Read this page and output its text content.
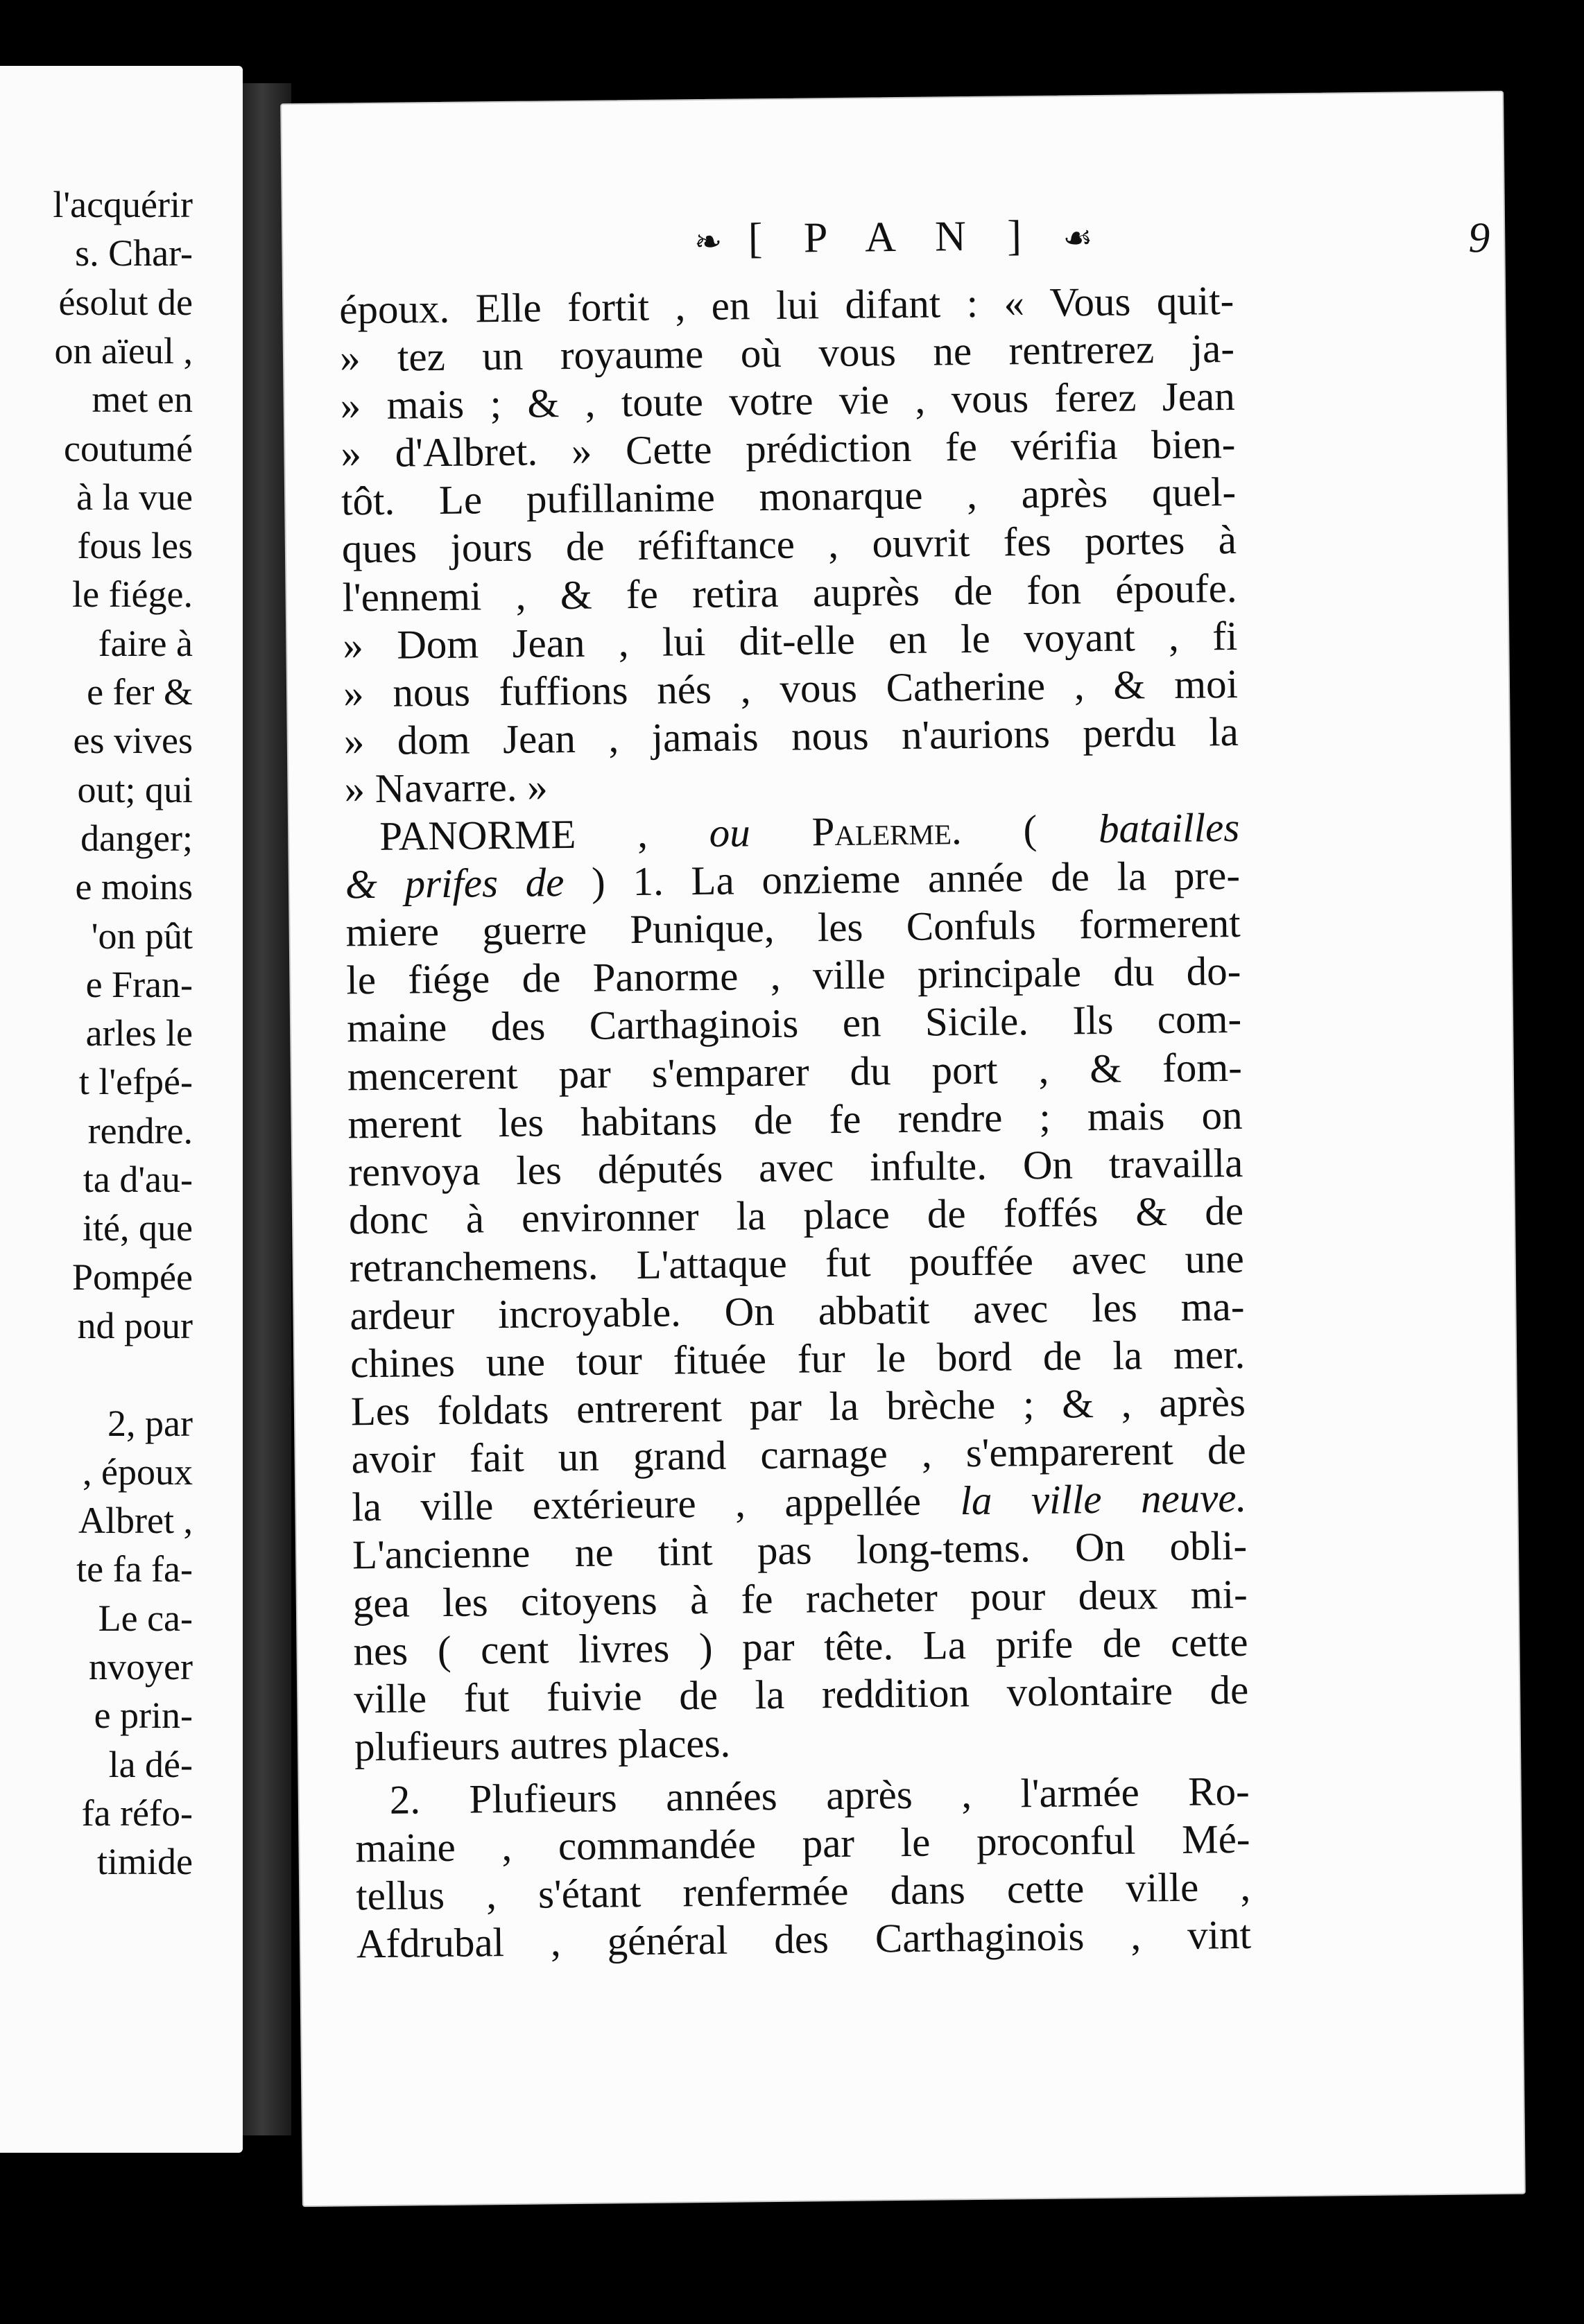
l'acquérir
s. Char-
ésolut de
on aïeul ,
met en
coutumé
à la vue
fous les
le fiége.
faire à
e fer &
es vives
out; qui
danger;
e moins
'on pût
e Fran-
arles le
t l'efpé-
rendre.
ta d'au-
ité, que
Pompée
nd pour
2, par
, époux
Albret ,
te fa fa-
Le ca-
nvoyer
e prin-
la dé-
fa réfo-
timide
❧ [ P A N ] ☙	9
époux. Elle fortit , en lui difant : « Vous quit-
» tez un royaume où vous ne rentrerez ja-
» mais ; & , toute votre vie , vous ferez Jean
» d'Albret. » Cette prédiction fe vérifia bien-
tôt. Le pufillanime monarque , après quel-
ques jours de réfiftance , ouvrit fes portes à
l'ennemi , & fe retira auprès de fon époufe.
» Dom Jean , lui dit-elle en le voyant , fi
» nous fuffions nés , vous Catherine , & moi
» dom Jean , jamais nous n'aurions perdu la
» Navarre. »
PANORME , ou Palerme. ( batailles
& prifes de ) 1. La onzieme année de la pre-
miere guerre Punique, les Confuls formerent
le fiége de Panorme , ville principale du do-
maine des Carthaginois en Sicile. Ils com-
mencerent par s'emparer du port , & fom-
merent les habitans de fe rendre ; mais on
renvoya les députés avec infulte. On travailla
donc à environner la place de foffés & de
retranchemens. L'attaque fut pouffée avec une
ardeur incroyable. On abbatit avec les ma-
chines une tour fituée fur le bord de la mer.
Les foldats entrerent par la brèche ; & , après
avoir fait un grand carnage , s'emparerent de
la ville extérieure , appellée la ville neuve.
L'ancienne ne tint pas long-tems. On obli-
gea les citoyens à fe racheter pour deux mi-
nes ( cent livres ) par tête. La prife de cette
ville fut fuivie de la reddition volontaire de
plufieurs autres places.
2. Plufieurs années après , l'armée Ro-
maine , commandée par le proconful Mé-
tellus , s'étant renfermée dans cette ville ,
Afdrubal , général des Carthaginois , vint
